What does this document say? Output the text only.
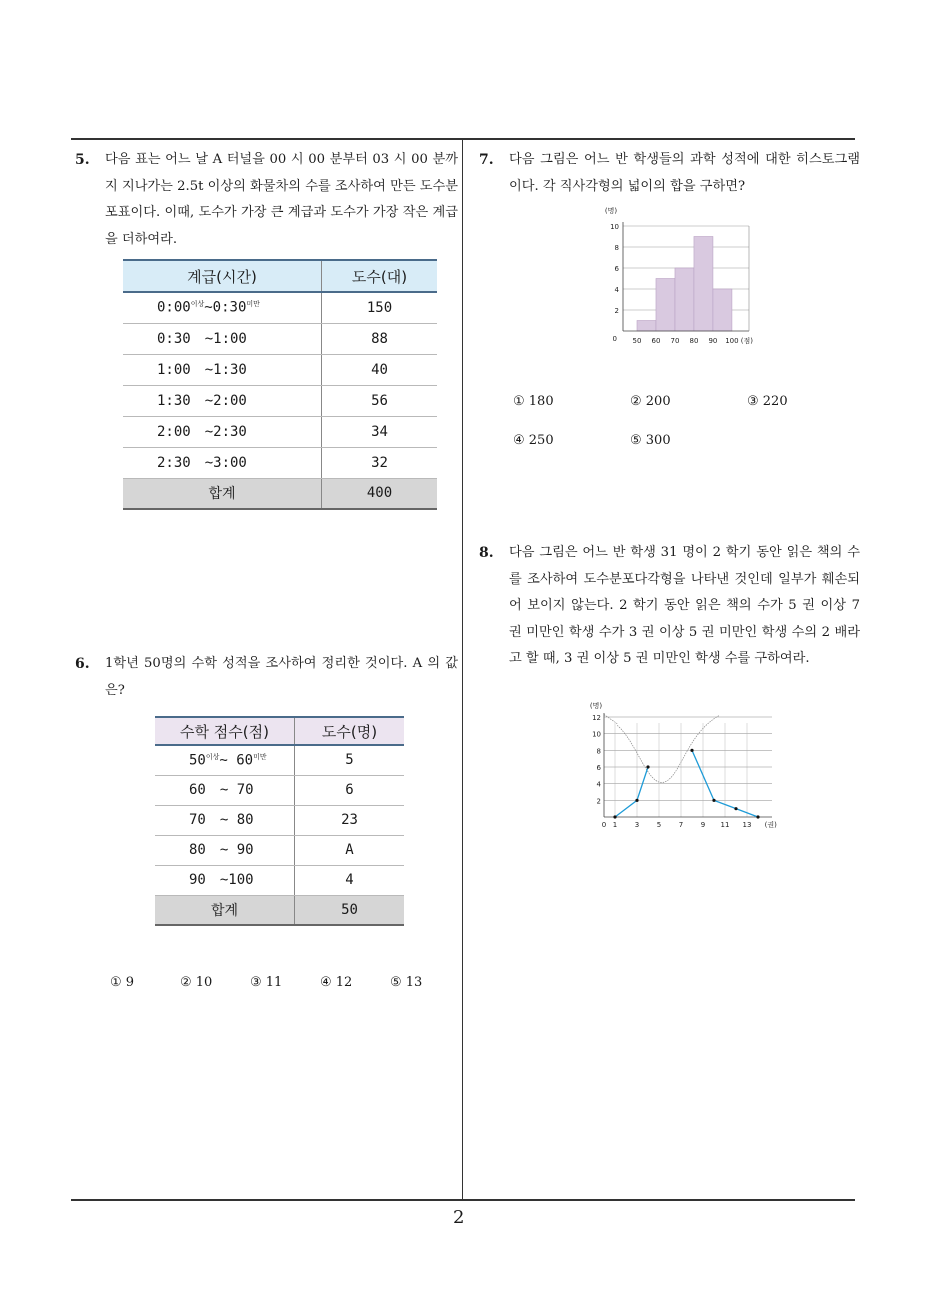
2
5. 다음 표는 어느 날 A 터널을 00 시 00 분부터 03 시 00 분까지 지나가는 2.5t 이상의 화물차의 수를 조사하여 만든 도수분포표이다. 이때, 도수가 가장 큰 계급과 도수가 가장 작은 계급을 더하여라.
계급(시간)	도수(대)
$0:00^{이상}\sim 0:30^{미만}$	150
0:30 ~1:00	88
1:00 ~1:30	40
1:30 ~2:00	56
2:00 ~2:30	34
2:30 ~3:00	32
합계	400
6. 1학년 50명의 수학 성적을 조사하여 정리한 것이다. A 의 값은?
수학 점수(점)	도수(명)
$50^{이상}\sim$ $60^{미만}$	5
60 ~ 70	6
70 ~ 80	23
80 ~ 90	A
90 ~100	4
합계	50
① 9	② 10	③ 11	④ 12	⑤ 13
7. 다음 그림은 어느 반 학생들의 과학 성적에 대한 히스토그램이다. 각 직사각형의 넓이의 합을 구하면?
2
4
6
8
10
0 50 60 70 80 90 100 (점)
(명)
① 180	② 200	③ 220
④ 250	⑤ 300
8. 다음 그림은 어느 반 학생 31 명이 2 학기 동안 읽은 책의 수를 조사하여 도수분포다각형을 나타낸 것인데 일부가 훼손되어 보이지 않는다. 2 학기 동안 읽은 책의 수가 5 권 이상 7 권 미만인 학생 수가 3 권 이상 5 권 미만인 학생 수의 2 배라고 할 때, 3 권 이상 5 권 미만인 학생 수를 구하여라.
2
4
6
8
10
12
0 1	3	5	7	9 11 13 (권)
(명)
